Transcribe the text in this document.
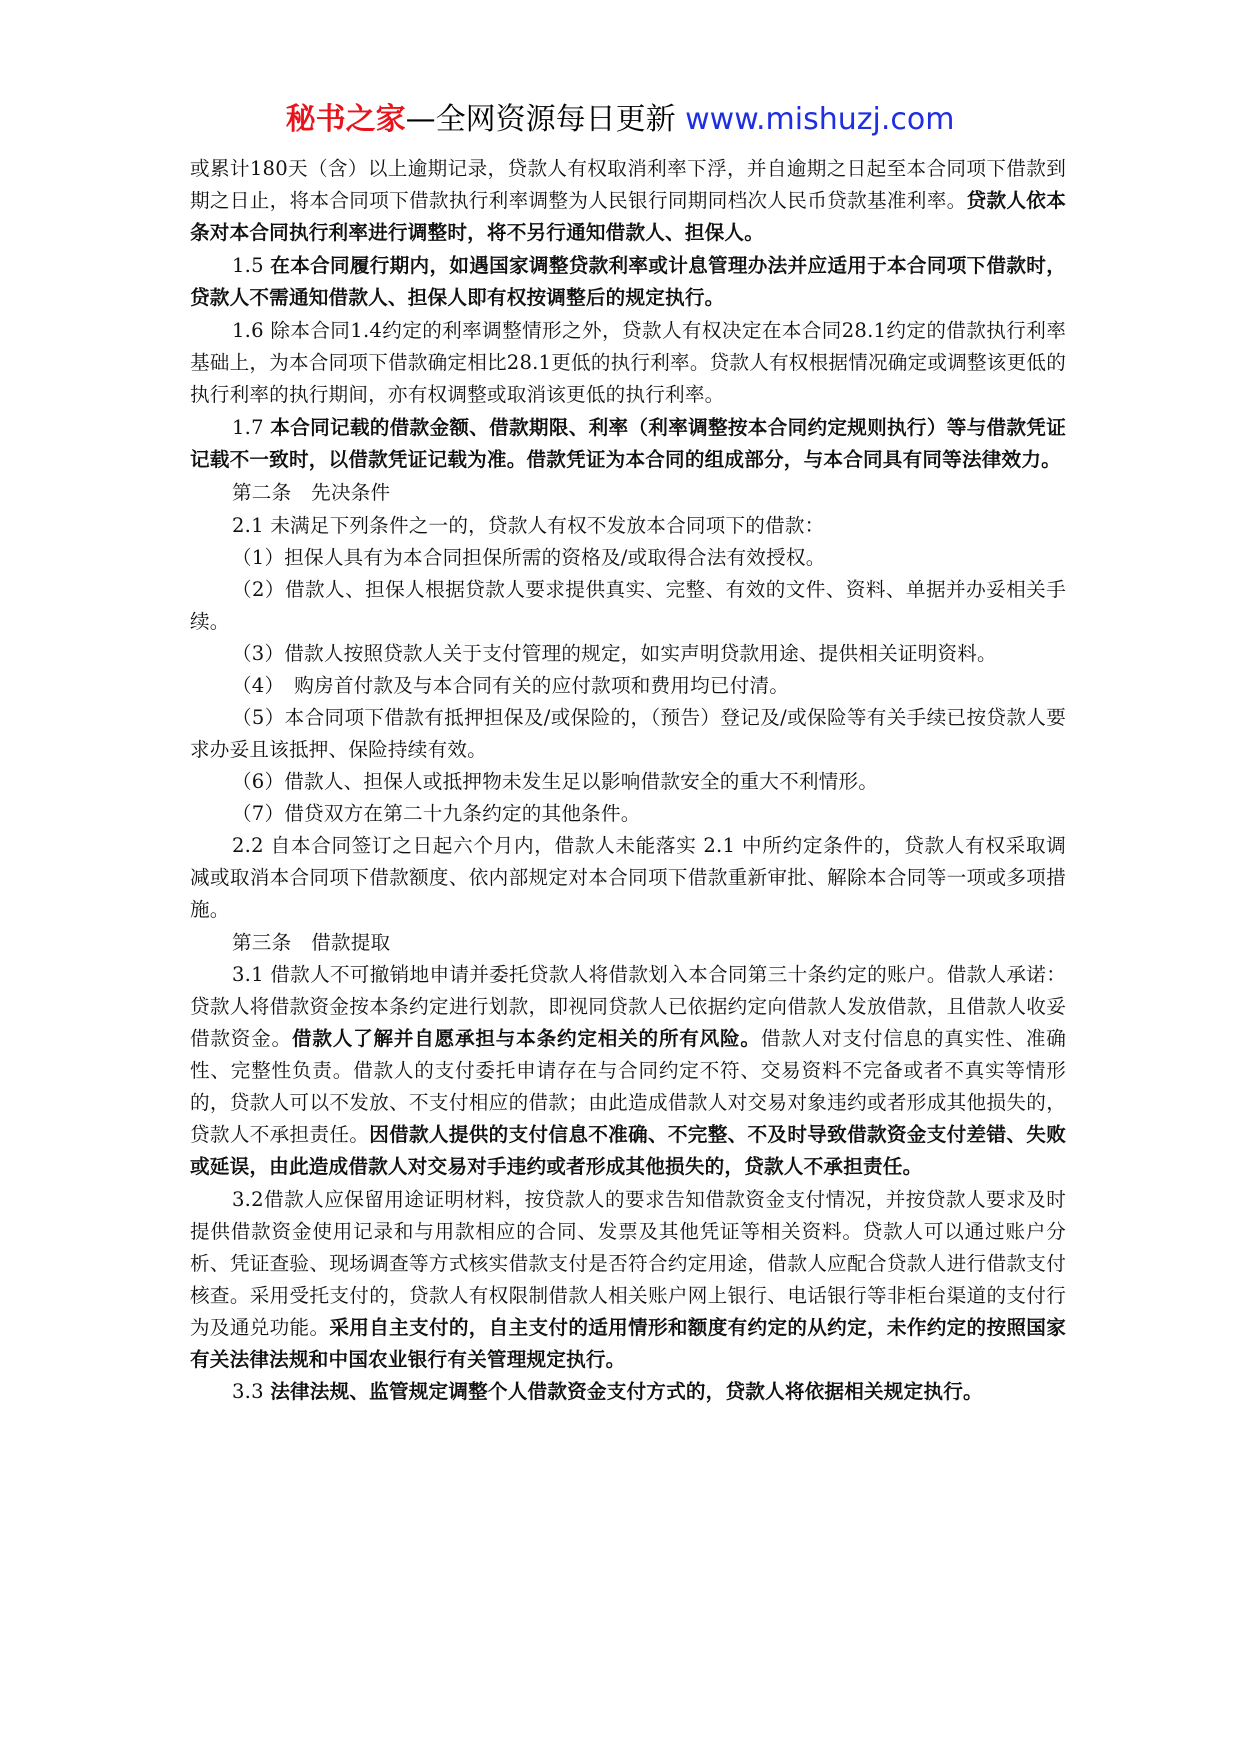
秘书之家—全网资源每日更新 www.mishuzj.com

或累计180天（含）以上逾期记录，贷款人有权取消利率下浮，并自逾期之日起至本合同项下借款到期之日止，将本合同项下借款执行利率调整为人民银行同期同档次人民币贷款基准利率。贷款人依本条对本合同执行利率进行调整时，将不另行通知借款人、担保人。

1.5 在本合同履行期内，如遇国家调整贷款利率或计息管理办法并应适用于本合同项下借款时，贷款人不需通知借款人、担保人即有权按调整后的规定执行。

1.6 除本合同1.4约定的利率调整情形之外，贷款人有权决定在本合同28.1约定的借款执行利率基础上，为本合同项下借款确定相比28.1更低的执行利率。贷款人有权根据情况确定或调整该更低的执行利率的执行期间，亦有权调整或取消该更低的执行利率。

1.7 本合同记载的借款金额、借款期限、利率（利率调整按本合同约定规则执行）等与借款凭证记载不一致时，以借款凭证记载为准。借款凭证为本合同的组成部分，与本合同具有同等法律效力。

第二条　先决条件

2.1 未满足下列条件之一的，贷款人有权不发放本合同项下的借款：

（1）担保人具有为本合同担保所需的资格及/或取得合法有效授权。

（2）借款人、担保人根据贷款人要求提供真实、完整、有效的文件、资料、单据并办妥相关手续。

（3）借款人按照贷款人关于支付管理的规定，如实声明贷款用途、提供相关证明资料。

（4）　购房首付款及与本合同有关的应付款项和费用均已付清。

（5）本合同项下借款有抵押担保及/或保险的，（预告）登记及/或保险等有关手续已按贷款人要求办妥且该抵押、保险持续有效。

（6）借款人、担保人或抵押物未发生足以影响借款安全的重大不利情形。

（7）借贷双方在第二十九条约定的其他条件。

2.2 自本合同签订之日起六个月内，借款人未能落实 2.1 中所约定条件的，贷款人有权采取调减或取消本合同项下借款额度、依内部规定对本合同项下借款重新审批、解除本合同等一项或多项措施。

第三条　借款提取

3.1 借款人不可撤销地申请并委托贷款人将借款划入本合同第三十条约定的账户。借款人承诺：贷款人将借款资金按本条约定进行划款，即视同贷款人已依据约定向借款人发放借款，且借款人收妥借款资金。借款人了解并自愿承担与本条约定相关的所有风险。借款人对支付信息的真实性、准确性、完整性负责。借款人的支付委托申请存在与合同约定不符、交易资料不完备或者不真实等情形的，贷款人可以不发放、不支付相应的借款；由此造成借款人对交易对象违约或者形成其他损失的，贷款人不承担责任。因借款人提供的支付信息不准确、不完整、不及时导致借款资金支付差错、失败或延误，由此造成借款人对交易对手违约或者形成其他损失的，贷款人不承担责任。

3.2借款人应保留用途证明材料，按贷款人的要求告知借款资金支付情况，并按贷款人要求及时提供借款资金使用记录和与用款相应的合同、发票及其他凭证等相关资料。贷款人可以通过账户分析、凭证查验、现场调查等方式核实借款支付是否符合约定用途，借款人应配合贷款人进行借款支付核查。采用受托支付的，贷款人有权限制借款人相关账户网上银行、电话银行等非柜台渠道的支付行为及通兑功能。采用自主支付的，自主支付的适用情形和额度有约定的从约定，未作约定的按照国家有关法律法规和中国农业银行有关管理规定执行。

3.3 法律法规、监管规定调整个人借款资金支付方式的，贷款人将依据相关规定执行。
